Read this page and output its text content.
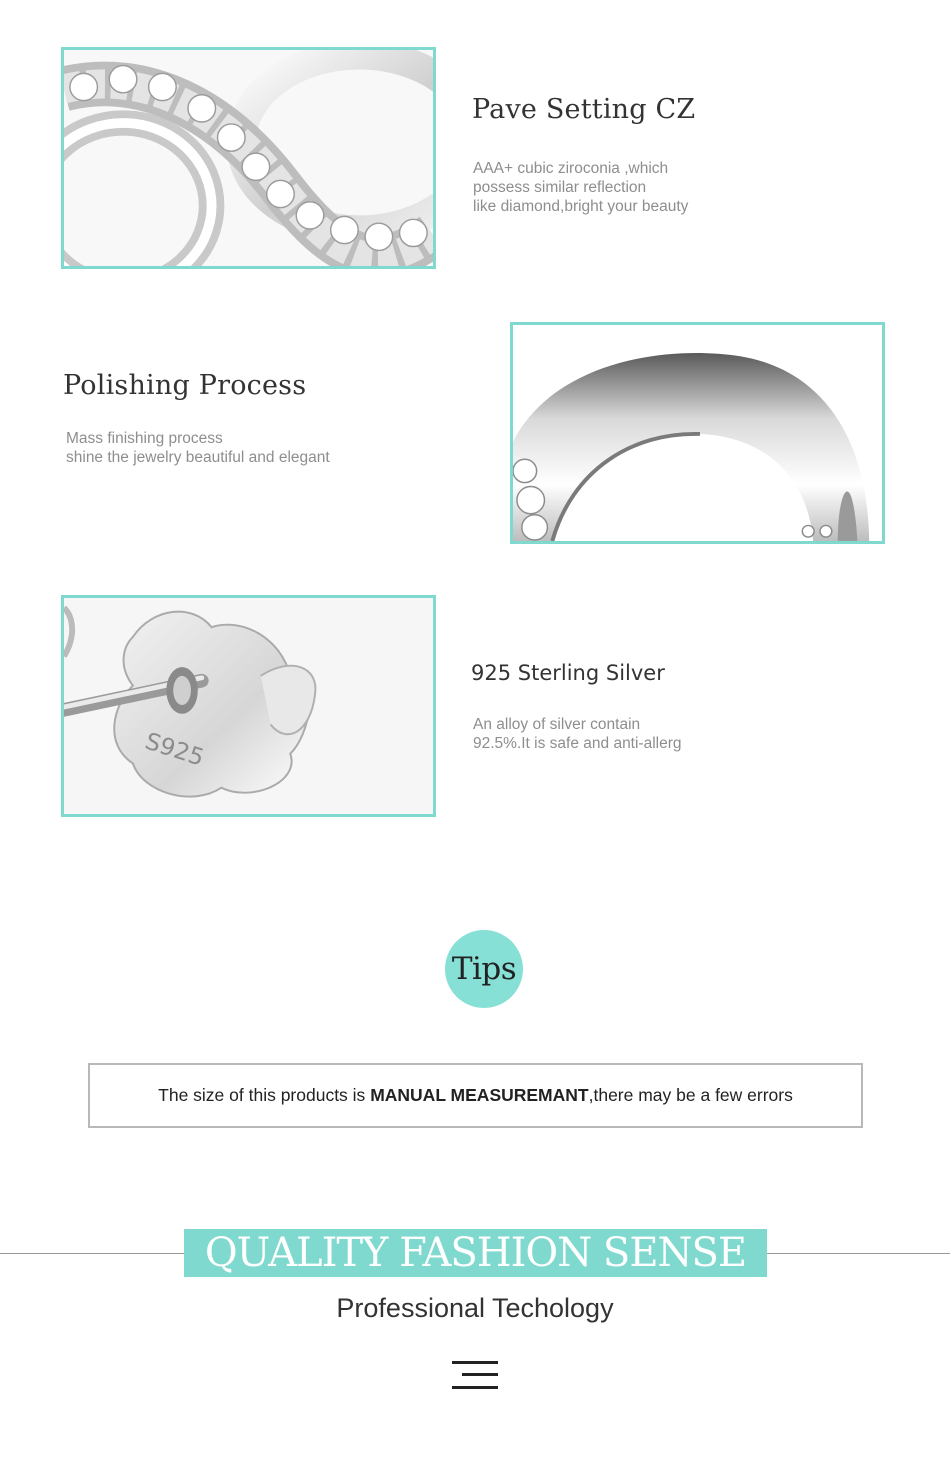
Pave Setting CZ
AAA+ cubic ziroconia ,which
possess similar reflection
like diamond,bright your beauty
Polishing Process
Mass finishing process
shine the jewelry beautiful and elegant
S925
925 Sterling Silver
An alloy of silver contain
92.5%.It is safe and anti-allerg
Tips
The size of this products is MANUAL MEASUREMANT,there may be a few errors
QUALITY FASHION SENSE
Professional Techology
